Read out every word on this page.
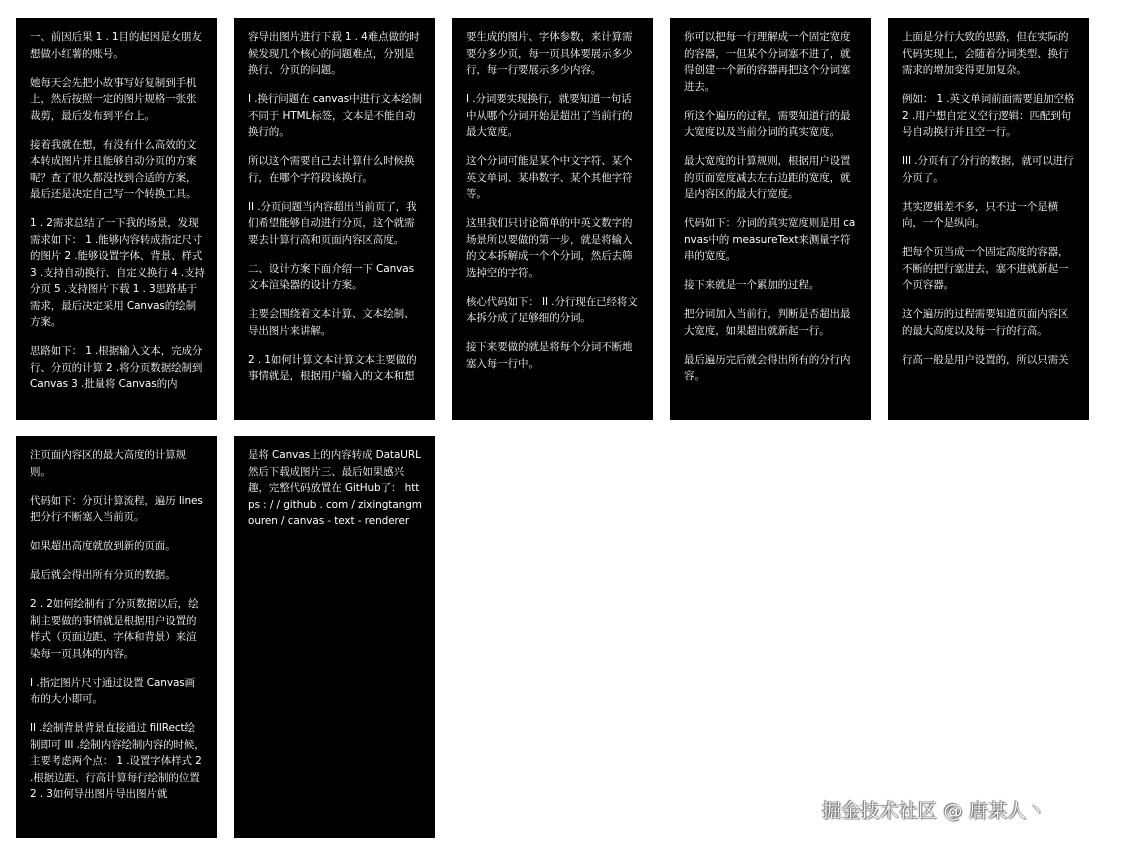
一、前因后果 1 . 1目的起因是女朋友想做小红薯的账号。

她每天会先把小故事写好复制到手机上，然后按照一定的图片规格一张张裁剪，最后发布到平台上。

接着我就在想，有没有什么高效的文本转成图片并且能够自动分页的方案呢？查了很久都没找到合适的方案，最后还是决定自己写一个转换工具。

1 . 2需求总结了一下我的场景，发现需求如下： 1 .能够内容转成指定尺寸的图片 2 .能够设置字体、背景、样式 3 .支持自动换行、自定义换行 4 .支持分页 5 .支持图片下载 1 . 3思路基于需求，最后决定采用 Canvas的绘制方案。

思路如下： 1 .根据输入文本，完成分行、分页的计算 2 .将分页数据绘制到 Canvas 3 .批量将 Canvas的内

容导出图片进行下载 1 . 4难点做的时候发现几个核心的问题难点，分别是换行、分页的问题。

I .换行问题在 canvas中进行文本绘制不同于 HTML标签，文本是不能自动换行的。

所以这个需要自己去计算什么时候换行，在哪个字符段该换行。

II .分页问题当内容超出当前页了，我们希望能够自动进行分页，这个就需要去计算行高和页面内容区高度。

二、设计方案下面介绍一下 Canvas文本渲染器的设计方案。

主要会围绕着文本计算、文本绘制、导出图片来讲解。

2 . 1如何计算文本计算文本主要做的事情就是，根据用户输入的文本和想

要生成的图片、字体参数，来计算需要分多少页，每一页具体要展示多少行，每一行要展示多少内容。

I .分词要实现换行，就要知道一句话中从哪个分词开始是超出了当前行的最大宽度。

这个分词可能是某个中文字符、某个英文单词、某串数字、某个其他字符等。

这里我们只讨论简单的中英文数字的场景所以要做的第一步，就是将输入的文本拆解成一个个分词，然后去筛选掉空的字符。

核心代码如下： II .分行现在已经将文本拆分成了足够细的分词。

接下来要做的就是将每个分词不断地塞入每一行中。

你可以把每一行理解成一个固定宽度的容器，一但某个分词塞不进了，就得创建一个新的容器再把这个分词塞进去。

所这个遍历的过程，需要知道行的最大宽度以及当前分词的真实宽度。

最大宽度的计算规则，根据用户设置的页面宽度减去左右边距的宽度，就是内容区的最大行宽度。

代码如下：分词的真实宽度则是用 canvas中的 measureText来测量字符串的宽度。

接下来就是一个累加的过程。

把分词加入当前行，判断是否超出最大宽度，如果超出就新起一行。

最后遍历完后就会得出所有的分行内容。

上面是分行大致的思路，但在实际的代码实现上，会随着分词类型、换行需求的增加变得更加复杂。

例如： 1 .英文单词前面需要追加空格 2 .用户想自定义空行逻辑：匹配到句号自动换行并且空一行。

III .分页有了分行的数据，就可以进行分页了。

其实逻辑差不多，只不过一个是横向，一个是纵向。

把每个页当成一个固定高度的容器，不断的把行塞进去，塞不进就新起一个页容器。

这个遍历的过程需要知道页面内容区的最大高度以及每一行的行高。

行高一般是用户设置的，所以只需关

注页面内容区的最大高度的计算规则。

代码如下：分页计算流程，遍历 lines把分行不断塞入当前页。

如果超出高度就放到新的页面。

最后就会得出所有分页的数据。

2 . 2如何绘制有了分页数据以后，绘制主要做的事情就是根据用户设置的样式（页面边距、字体和背景）来渲染每一页具体的内容。

I .指定图片尺寸通过设置 Canvas画布的大小即可。

II .绘制背景背景直接通过 fillRect绘制即可 III .绘制内容绘制内容的时候，主要考虑两个点： 1 .设置字体样式 2 .根据边距、行高计算每行绘制的位置 2 . 3如何导出图片导出图片就

是将 Canvas上的内容转成 DataURL然后下载成图片三、最后如果感兴趣，完整代码放置在 GitHub了： https : / / github . com / zixingtangmouren / canvas - text - renderer

掘金技术社区 @ 唐某人丶
